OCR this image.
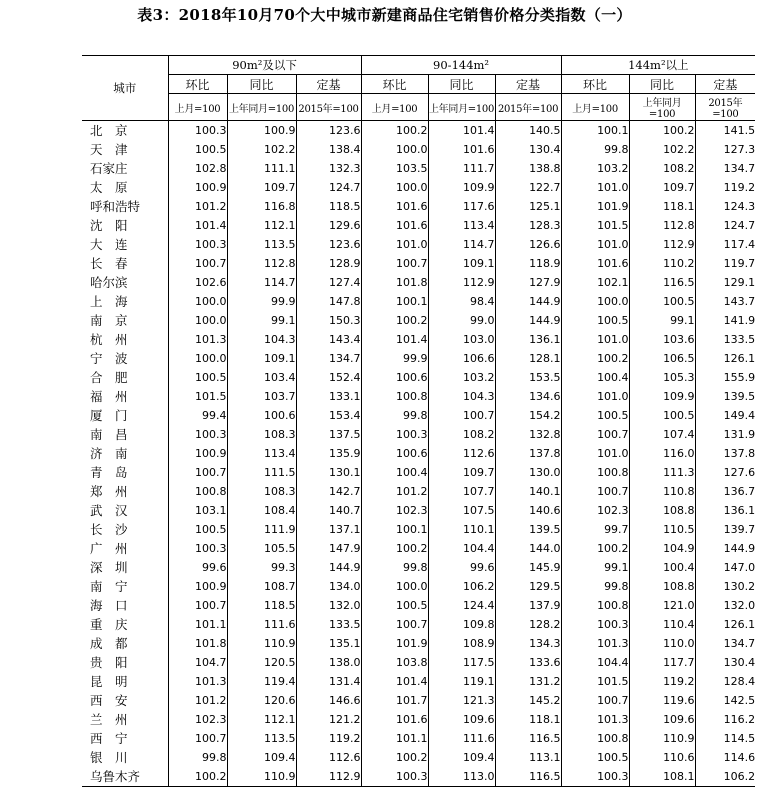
表3：2018年10月70个大中城市新建商品住宅销售价格分类指数（一）
城市	90m²及以下			90-144m²			144m²以上		
	环比	同比	定基	环比	同比	定基	环比	同比	定基
	上月=100	上年同月=100	2015年=100	上月=100	上年同月=100	2015年=100	上月=100	上年同月=100	2015年=100
北　京	100.3	100.9	123.6	100.2	101.4	140.5	100.1	100.2	141.5
天　津	100.5	102.2	138.4	100.0	101.6	130.4	99.8	102.2	127.3
石家庄	102.8	111.1	132.3	103.5	111.7	138.8	103.2	108.2	134.7
太　原	100.9	109.7	124.7	100.0	109.9	122.7	101.0	109.7	119.2
呼和浩特	101.2	116.8	118.5	101.6	117.6	125.1	101.9	118.1	124.3
沈　阳	101.4	112.1	129.6	101.6	113.4	128.3	101.5	112.8	124.7
大　连	100.3	113.5	123.6	101.0	114.7	126.6	101.0	112.9	117.4
长　春	100.7	112.8	128.9	100.7	109.1	118.9	101.6	110.2	119.7
哈尔滨	102.6	114.7	127.4	101.8	112.9	127.9	102.1	116.5	129.1
上　海	100.0	99.9	147.8	100.1	98.4	144.9	100.0	100.5	143.7
南　京	100.0	99.1	150.3	100.2	99.0	144.9	100.5	99.1	141.9
杭　州	101.3	104.3	143.4	101.4	103.0	136.1	101.0	103.6	133.5
宁　波	100.0	109.1	134.7	99.9	106.6	128.1	100.2	106.5	126.1
合　肥	100.5	103.4	152.4	100.6	103.2	153.5	100.4	105.3	155.9
福　州	101.5	103.7	133.1	100.8	104.3	134.6	101.0	109.9	139.5
厦　门	99.4	100.6	153.4	99.8	100.7	154.2	100.5	100.5	149.4
南　昌	100.3	108.3	137.5	100.3	108.2	132.8	100.7	107.4	131.9
济　南	100.9	113.4	135.9	100.6	112.6	137.8	101.0	116.0	137.8
青　岛	100.7	111.5	130.1	100.4	109.7	130.0	100.8	111.3	127.6
郑　州	100.8	108.3	142.7	101.2	107.7	140.1	100.7	110.8	136.7
武　汉	103.1	108.4	140.7	102.3	107.5	140.6	102.3	108.8	136.1
长　沙	100.5	111.9	137.1	100.1	110.1	139.5	99.7	110.5	139.7
广　州	100.3	105.5	147.9	100.2	104.4	144.0	100.2	104.9	144.9
深　圳	99.6	99.3	144.9	99.8	99.6	145.9	99.1	100.4	147.0
南　宁	100.9	108.7	134.0	100.0	106.2	129.5	99.8	108.8	130.2
海　口	100.7	118.5	132.0	100.5	124.4	137.9	100.8	121.0	132.0
重　庆	101.1	111.6	133.5	100.7	109.8	128.2	100.3	110.4	126.1
成　都	101.8	110.9	135.1	101.9	108.9	134.3	101.3	110.0	134.7
贵　阳	104.7	120.5	138.0	103.8	117.5	133.6	104.4	117.7	130.4
昆　明	101.3	119.4	131.4	101.4	119.1	131.2	101.5	119.2	128.4
西　安	101.2	120.6	146.6	101.7	121.3	145.2	100.7	119.6	142.5
兰　州	102.3	112.1	121.2	101.6	109.6	118.1	101.3	109.6	116.2
西　宁	100.7	113.5	119.2	101.1	111.6	116.5	100.8	110.9	114.5
银　川	99.8	109.4	112.6	100.2	109.4	113.1	100.5	110.6	114.6
乌鲁木齐	100.2	110.9	112.9	100.3	113.0	116.5	100.3	108.1	106.2
